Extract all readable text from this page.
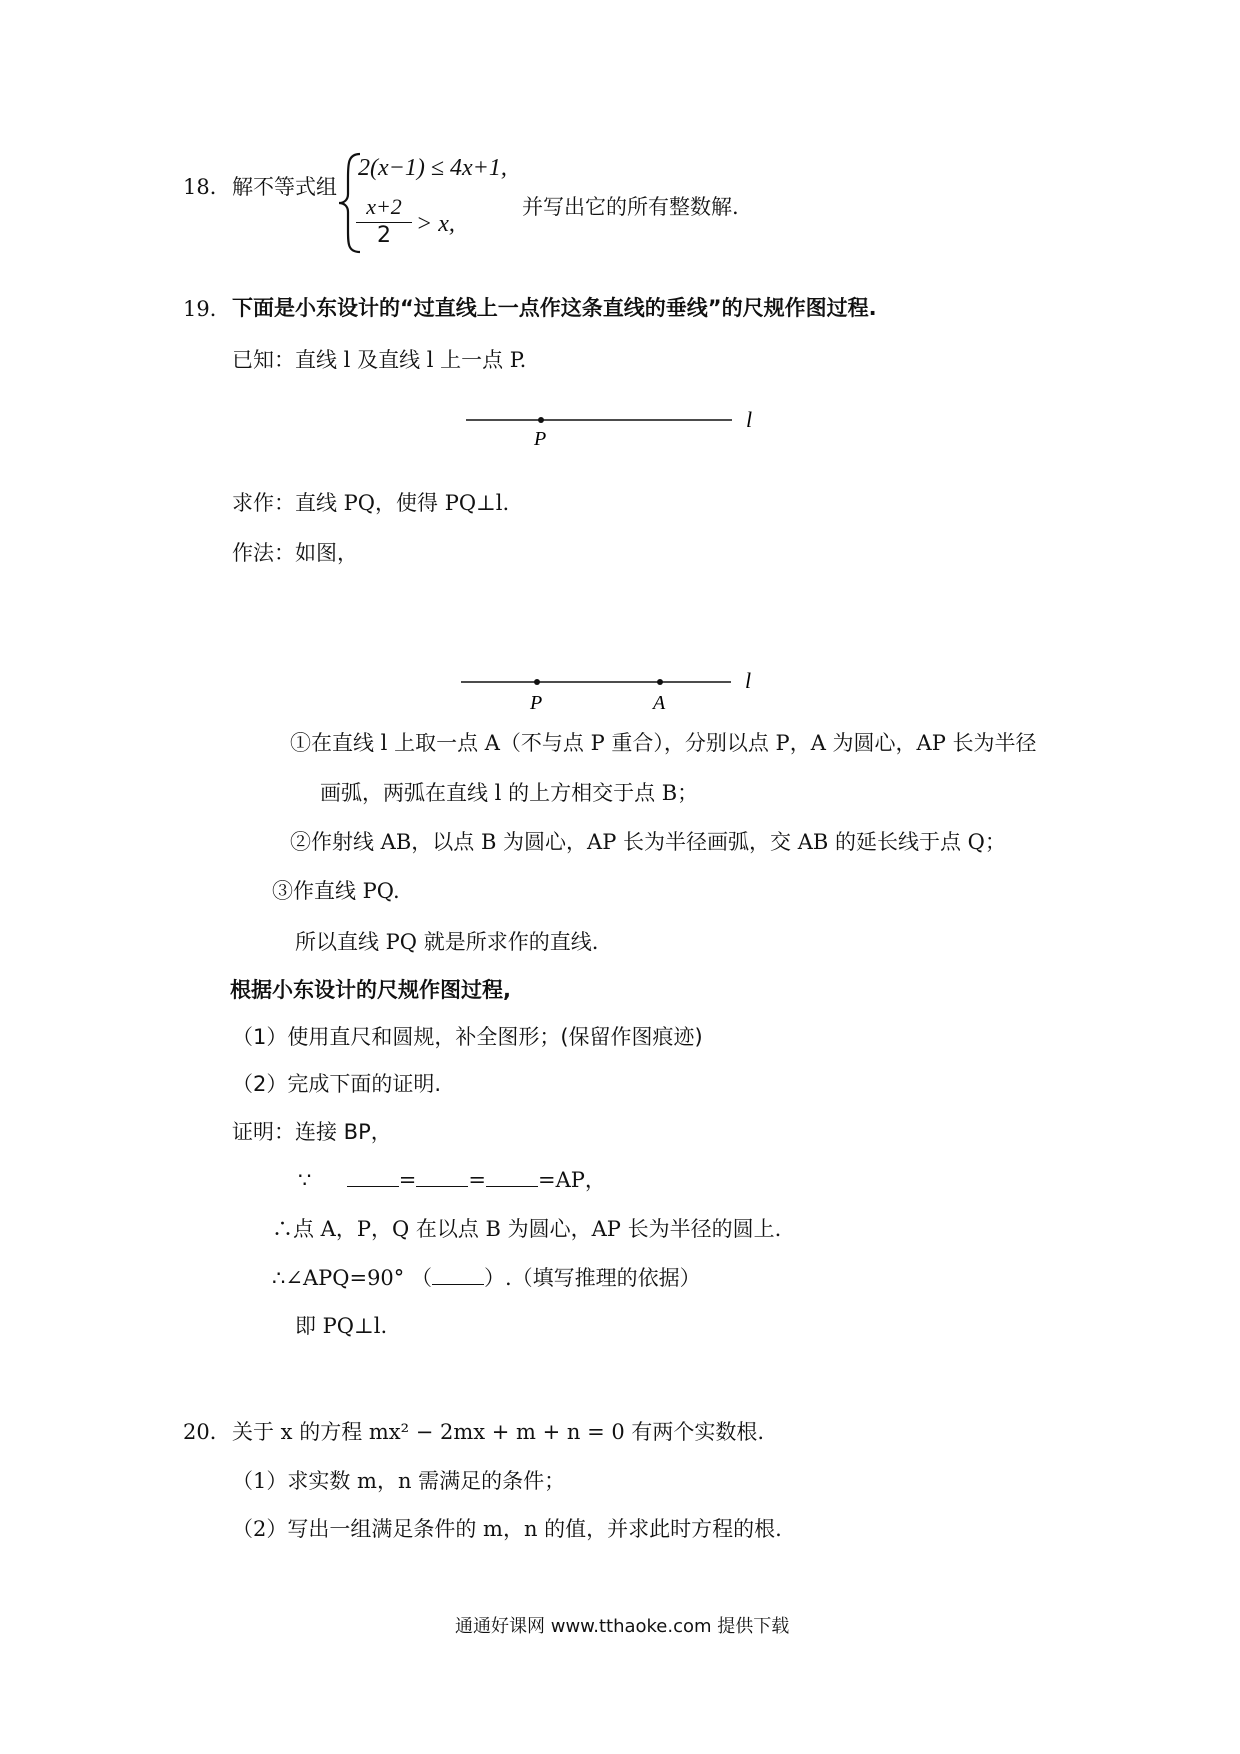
18． 解不等式组
2(x−1) ≤ 4x+1,
x+2
2	> x,
并写出它的所有整数解.
19． 下面是小东设计的“过直线上一点作这条直线的垂线”的尺规作图过程.
已知：直线 l 及直线 l 上一点 P.
P
l
求作：直线 PQ，使得 PQ⊥l.
作法：如图，
P	A
l
①在直线 l 上取一点 A（不与点 P 重合），分别以点 P，A 为圆心，AP 长为半径
画弧，两弧在直线 l 的上方相交于点 B；
②作射线 AB，以点 B 为圆心，AP 长为半径画弧，交 AB 的延长线于点 Q；
③作直线 PQ.
所以直线 PQ 就是所求作的直线.
根据小东设计的尺规作图过程,
（1）使用直尺和圆规，补全图形；(保留作图痕迹)
（2）完成下面的证明.
证明：连接 BP，
∵	= = =AP，
∴点 A，P，Q 在以点 B 为圆心，AP 长为半径的圆上.
∴∠APQ=90° （ ）.（填写推理的依据）
即 PQ⊥l.
20． 关于 x 的方程 mx² − 2mx + m + n = 0 有两个实数根.
（1）求实数 m，n 需满足的条件；
（2）写出一组满足条件的 m，n 的值，并求此时方程的根.
通通好课网 www.tthaoke.com 提供下载
